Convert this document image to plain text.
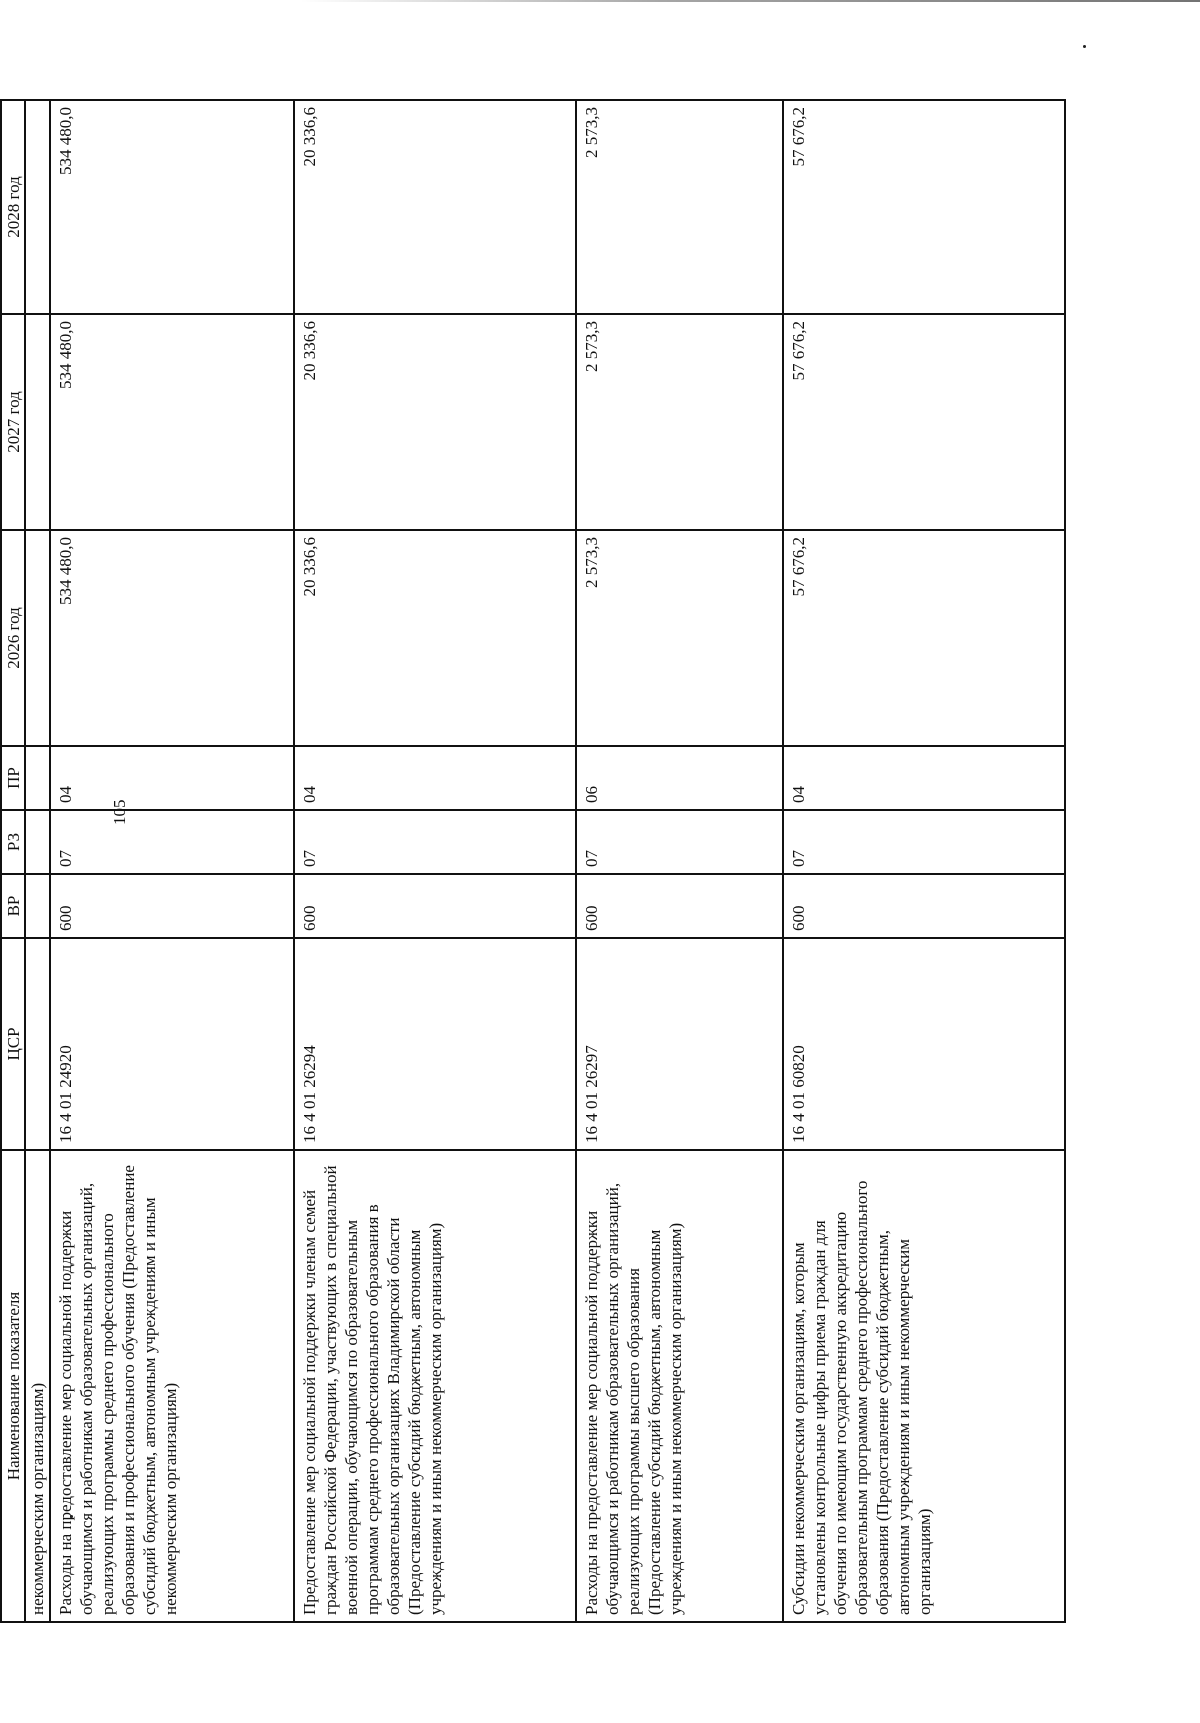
105
Наименование показателя	ЦСР	ВР	РЗ	ПР	2026 год	2027 год	2028 год
некоммерческим организациям)							
Расходы на предоставление мер социальной поддержки обучающимся и работникам образовательных организаций, реализующих программы среднего профессионального образования и профессионального обучения (Предоставление субсидий бюджетным, автономным учреждениям и иным некоммерческим организациям)	16 4 01 24920	600	07	04	534 480,0	534 480,0	534 480,0
Предоставление мер социальной поддержки членам семей граждан Российской Федерации, участвующих в специальной военной операции, обучающимся по образовательным программам среднего профессионального образования в образовательных организациях Владимирской области (Предоставление субсидий бюджетным, автономным учреждениям и иным некоммерческим организациям)	16 4 01 26294	600	07	04	20 336,6	20 336,6	20 336,6
Расходы на предоставление мер социальной поддержки обучающимся и работникам образовательных организаций, реализующих программы высшего образования (Предоставление субсидий бюджетным, автономным учреждениям и иным некоммерческим организациям)	16 4 01 26297	600	07	06	2 573,3	2 573,3	2 573,3
Субсидии некоммерческим организациям, которым установлены контрольные цифры приема граждан для обучения по имеющим государственную аккредитацию образовательным программам среднего профессионального образования (Предоставление субсидий бюджетным, автономным учреждениям и иным некоммерческим организациям)	16 4 01 60820	600	07	04	57 676,2	57 676,2	57 676,2
